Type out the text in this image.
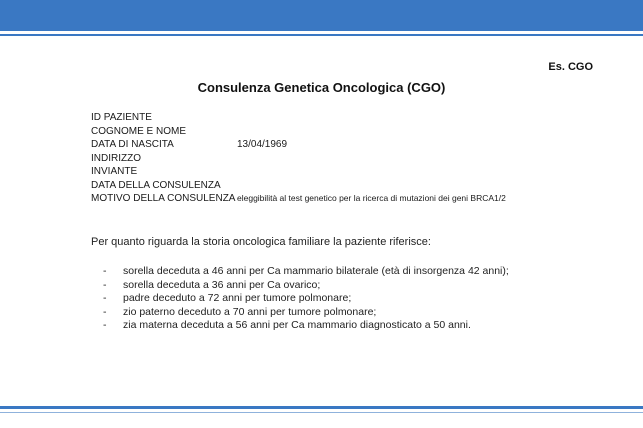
Es. CGO
Consulenza Genetica Oncologica (CGO)
ID PAZIENTE
COGNOME E NOME
DATA DI NASCITA	13/04/1969
INDIRIZZO
INVIANTE
DATA DELLA CONSULENZA
MOTIVO DELLA CONSULENZA eleggibilità al test genetico per la ricerca di mutazioni dei geni BRCA1/2
Per quanto riguarda la storia oncologica familiare la paziente riferisce:
-	sorella deceduta a 46 anni per Ca mammario bilaterale (età di insorgenza 42 anni);
-	sorella deceduta a 36 anni per Ca ovarico;
-	padre deceduto a 72 anni per tumore polmonare;
-	zio paterno deceduto a 70 anni per tumore polmonare;
-	zia materna deceduta a 56 anni per Ca mammario diagnosticato a 50 anni.
